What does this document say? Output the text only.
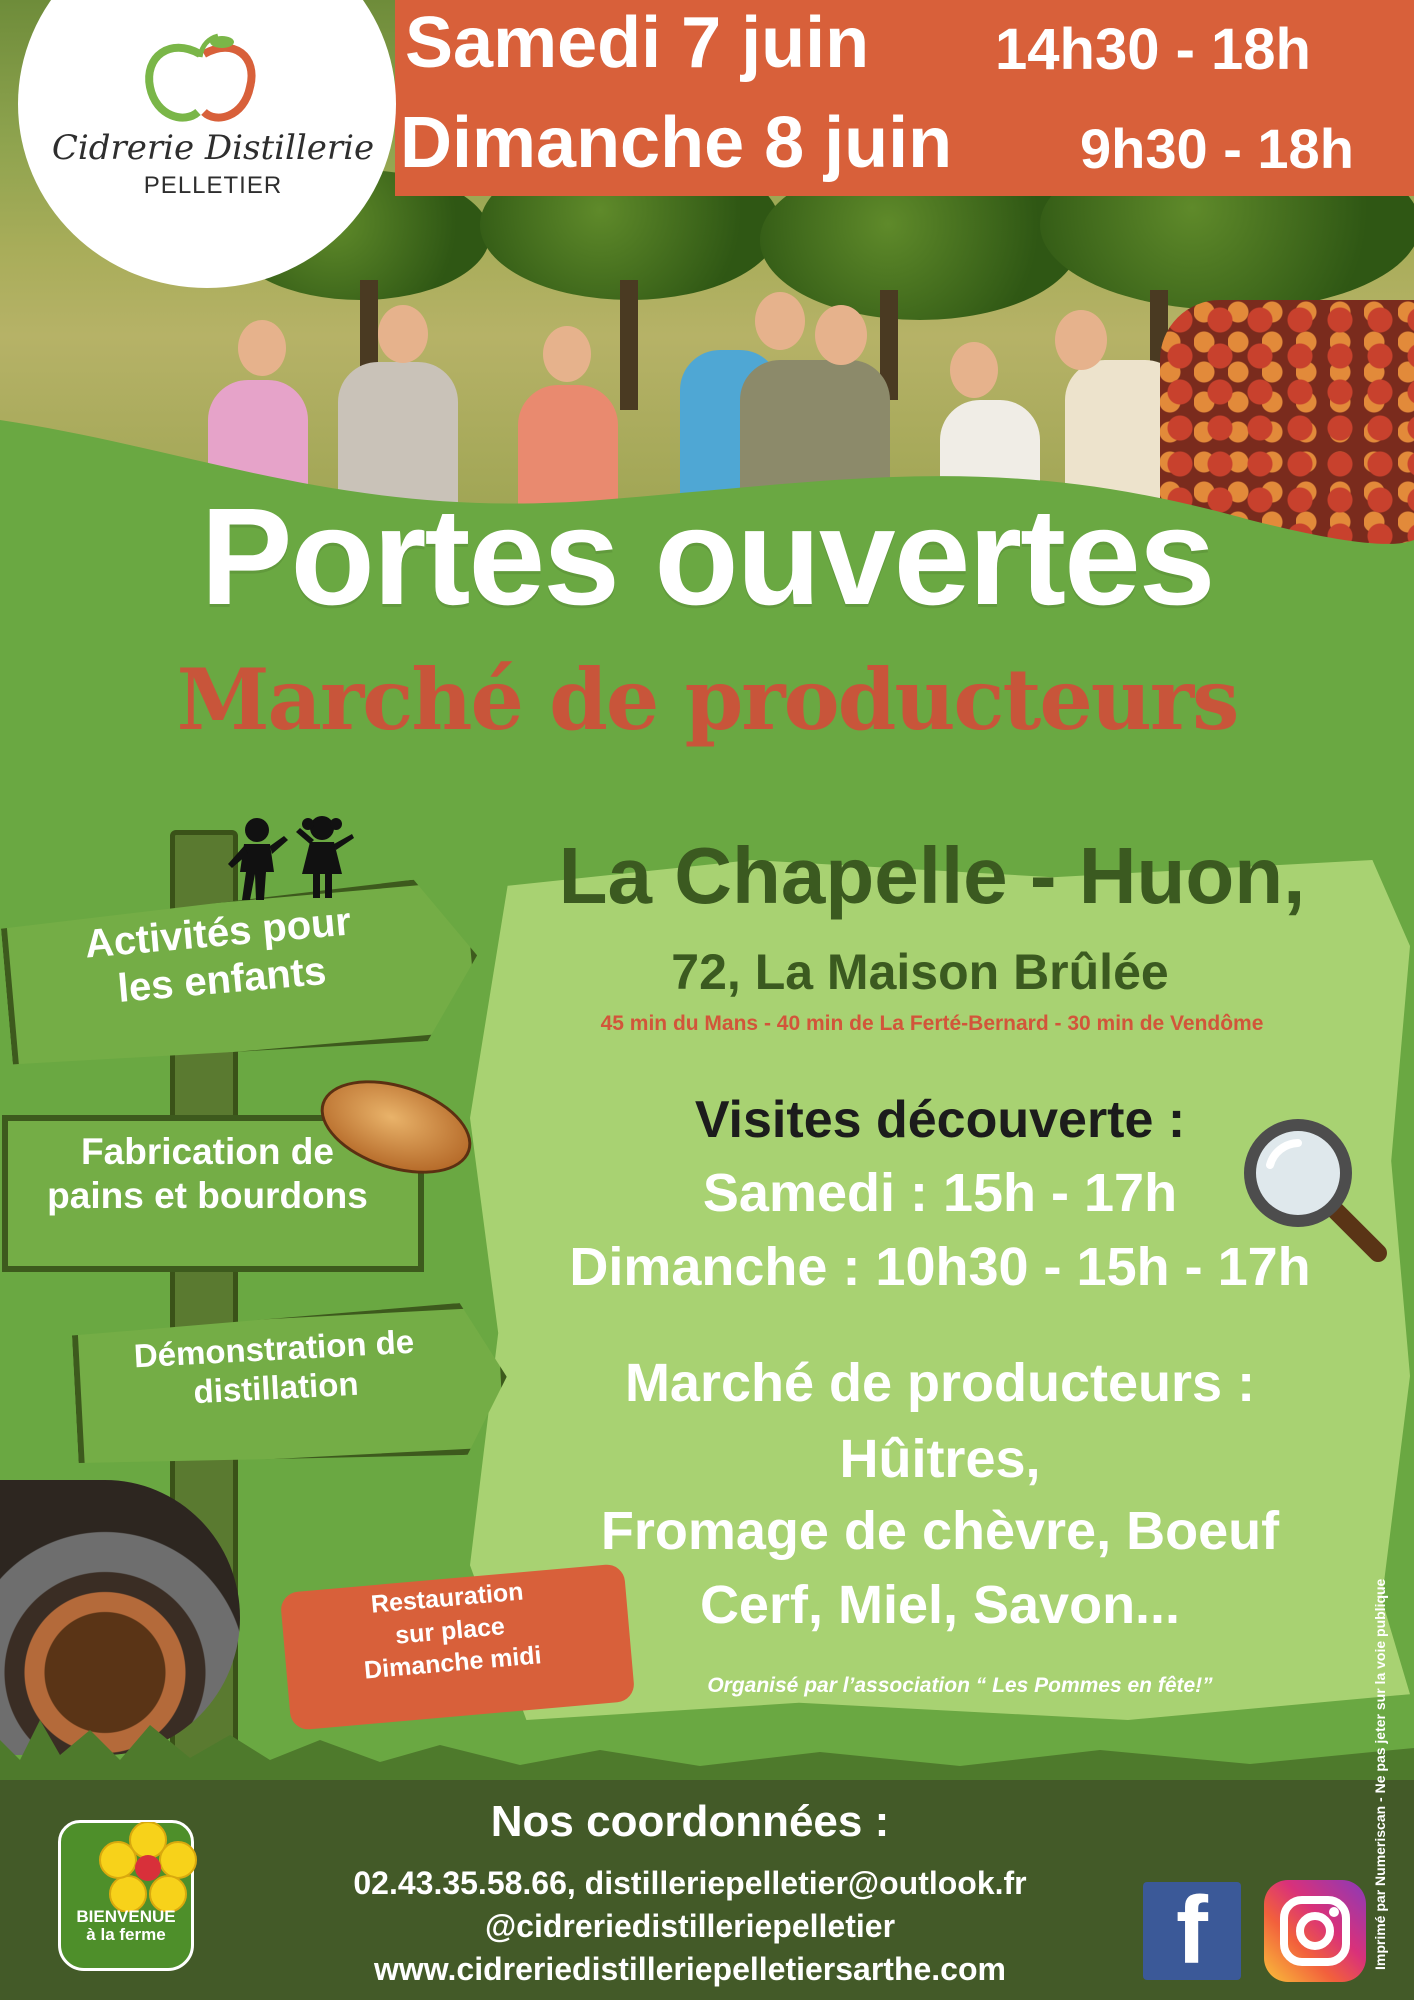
Samedi 7 juin 14h30 - 18h
Dimanche 8 juin 9h30 - 18h
Cidrerie Distillerie
PELLETIER
Portes ouvertes
Marché de producteurs
La Chapelle - Huon,
72, La Maison Brûlée
45 min du Mans - 40 min de La Ferté-Bernard - 30 min de Vendôme
Activités pour
les enfants
Fabrication de
pains et bourdons
Démonstration de
distillation
Visites découverte :
Samedi : 15h - 17h
Dimanche : 10h30 - 15h - 17h
Marché de producteurs :
Hûitres,
Fromage de chèvre, Boeuf
Cerf, Miel, Savon...
Organisé par l’association “ Les Pommes en fête!”
Restauration
sur place
Dimanche midi
Nos coordonnées :
02.43.35.58.66, distilleriepelletier@outlook.fr
@cidreriedistilleriepelletier
www.cidreriedistilleriepelletiersarthe.com
BIENVENUE
à la ferme	f	Imprimé par Numeriscan - Ne pas jeter sur la voie publique
